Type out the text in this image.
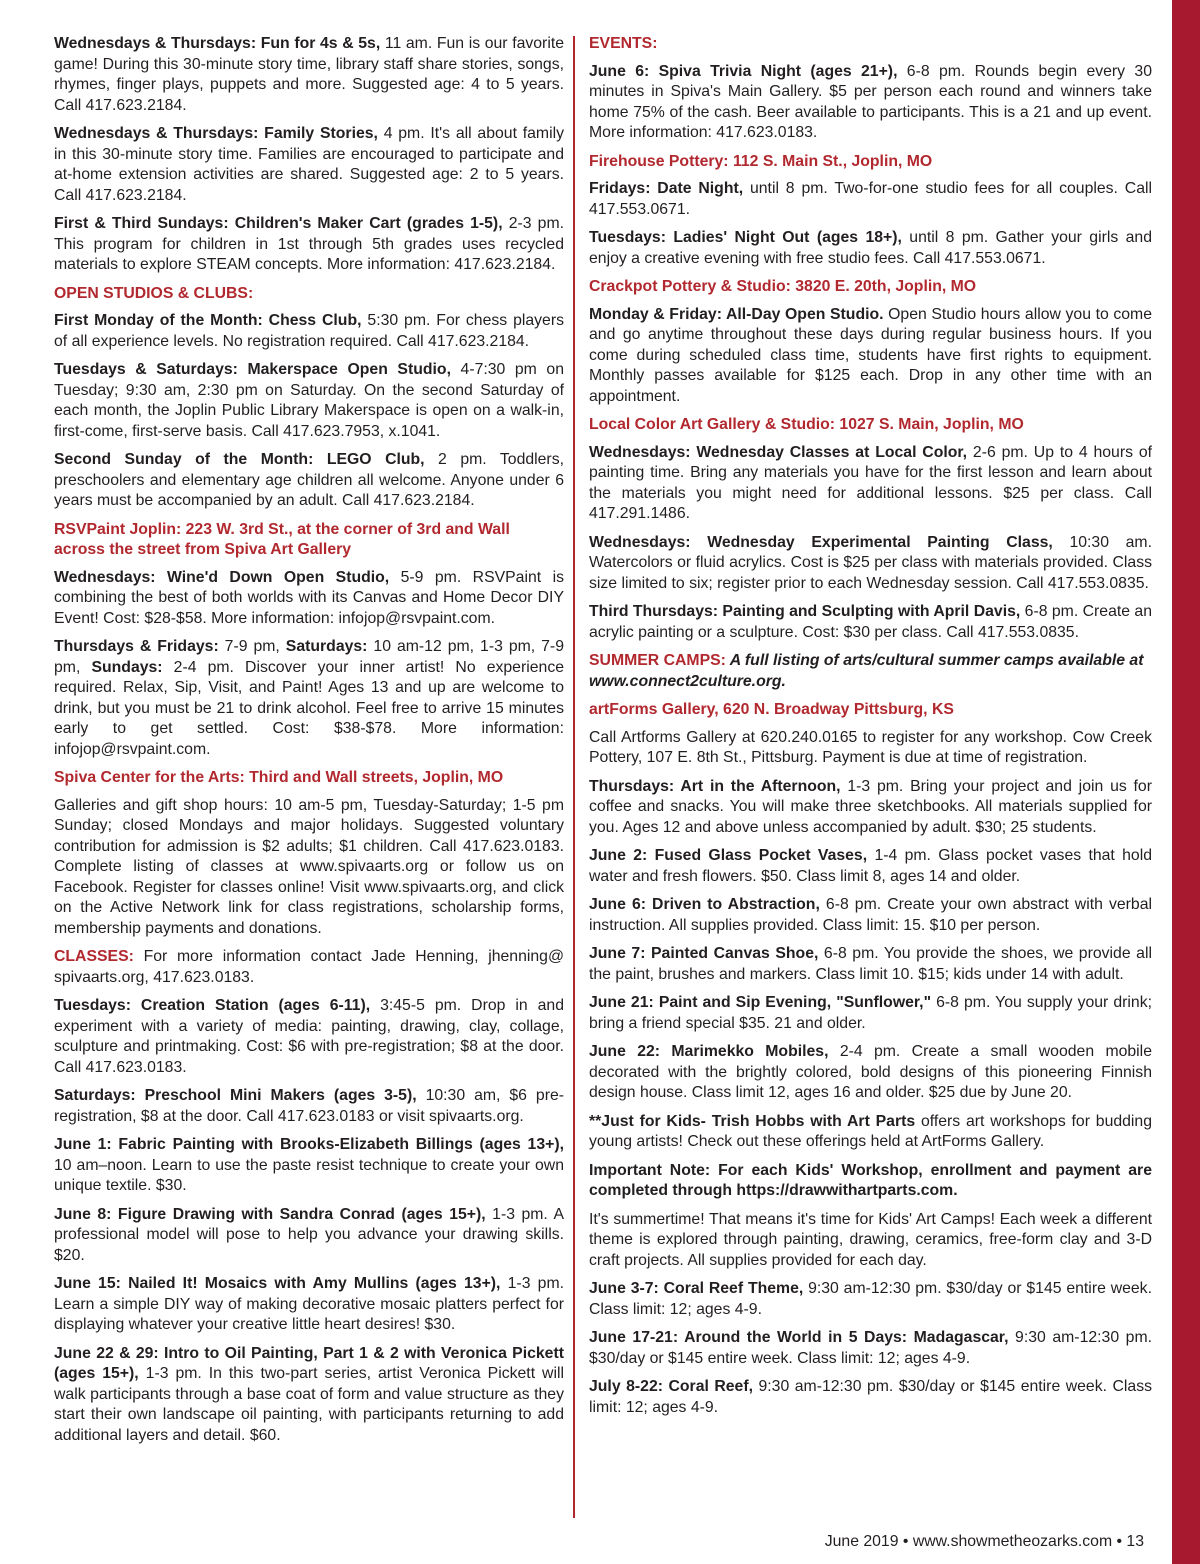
Wednesdays & Thursdays: Fun for 4s & 5s, 11 am. Fun is our favorite game! During this 30-minute story time, library staff share stories, songs, rhymes, finger plays, puppets and more. Suggested age: 4 to 5 years. Call 417.623.2184.

Wednesdays & Thursdays: Family Stories, 4 pm. It's all about family in this 30-minute story time. Families are encouraged to participate and at-home extension activities are shared. Suggested age: 2 to 5 years. Call 417.623.2184.

First & Third Sundays: Children's Maker Cart (grades 1-5), 2-3 pm. This program for children in 1st through 5th grades uses recycled materials to explore STEAM concepts. More information: 417.623.2184.

OPEN STUDIOS & CLUBS:

First Monday of the Month: Chess Club, 5:30 pm. For chess players of all experience levels. No registration required. Call 417.623.2184.

Tuesdays & Saturdays: Makerspace Open Studio, 4-7:30 pm on Tuesday; 9:30 am, 2:30 pm on Saturday. On the second Saturday of each month, the Joplin Public Library Makerspace is open on a walk-in, first-come, first-serve basis. Call 417.623.7953, x.1041.

Second Sunday of the Month: LEGO Club, 2 pm. Toddlers, preschoolers and elementary age children all welcome. Anyone under 6 years must be accompanied by an adult. Call 417.623.2184.

RSVPaint Joplin: 223 W. 3rd St., at the corner of 3rd and Wall across the street from Spiva Art Gallery

Wednesdays: Wine'd Down Open Studio, 5-9 pm. RSVPaint is combining the best of both worlds with its Canvas and Home Decor DIY Event! Cost: $28-$58. More information: infojop@rsvpaint.com.

Thursdays & Fridays: 7-9 pm, Saturdays: 10 am-12 pm, 1-3 pm, 7-9 pm, Sundays: 2-4 pm. Discover your inner artist! No experience required. Relax, Sip, Visit, and Paint! Ages 13 and up are welcome to drink, but you must be 21 to drink alcohol. Feel free to arrive 15 minutes early to get settled. Cost: $38-$78. More information: infojop@rsvpaint.com.

Spiva Center for the Arts: Third and Wall streets, Joplin, MO

Galleries and gift shop hours: 10 am-5 pm, Tuesday-Saturday; 1-5 pm Sunday; closed Mondays and major holidays. Suggested voluntary contribution for admission is $2 adults; $1 children. Call 417.623.0183. Complete listing of classes at www.spivaarts.org or follow us on Facebook. Register for classes online! Visit www.spivaarts.org, and click on the Active Network link for class registrations, scholarship forms, membership payments and donations.

CLASSES: For more information contact Jade Henning, jhenning@ spivaarts.org, 417.623.0183.

Tuesdays: Creation Station (ages 6-11), 3:45-5 pm. Drop in and experiment with a variety of media: painting, drawing, clay, collage, sculpture and printmaking. Cost: $6 with pre-registration; $8 at the door. Call 417.623.0183.

Saturdays: Preschool Mini Makers (ages 3-5), 10:30 am, $6 pre-registration, $8 at the door. Call 417.623.0183 or visit spivaarts.org.

June 1: Fabric Painting with Brooks-Elizabeth Billings (ages 13+), 10 am–noon. Learn to use the paste resist technique to create your own unique textile. $30.

June 8: Figure Drawing with Sandra Conrad (ages 15+), 1-3 pm. A professional model will pose to help you advance your drawing skills. $20.

June 15: Nailed It! Mosaics with Amy Mullins (ages 13+), 1-3 pm. Learn a simple DIY way of making decorative mosaic platters perfect for displaying whatever your creative little heart desires! $30.

June 22 & 29: Intro to Oil Painting, Part 1 & 2 with Veronica Pickett (ages 15+), 1-3 pm. In this two-part series, artist Veronica Pickett will walk participants through a base coat of form and value structure as they start their own landscape oil painting, with participants returning to add additional layers and detail. $60.

EVENTS:

June 6: Spiva Trivia Night (ages 21+), 6-8 pm. Rounds begin every 30 minutes in Spiva's Main Gallery. $5 per person each round and winners take home 75% of the cash. Beer available to participants. This is a 21 and up event. More information: 417.623.0183.

Firehouse Pottery: 112 S. Main St., Joplin, MO

Fridays: Date Night, until 8 pm. Two-for-one studio fees for all couples. Call 417.553.0671.

Tuesdays: Ladies' Night Out (ages 18+), until 8 pm. Gather your girls and enjoy a creative evening with free studio fees. Call 417.553.0671.

Crackpot Pottery & Studio: 3820 E. 20th, Joplin, MO

Monday & Friday: All-Day Open Studio. Open Studio hours allow you to come and go anytime throughout these days during regular business hours. If you come during scheduled class time, students have first rights to equipment. Monthly passes available for $125 each. Drop in any other time with an appointment.

Local Color Art Gallery & Studio: 1027 S. Main, Joplin, MO

Wednesdays: Wednesday Classes at Local Color, 2-6 pm. Up to 4 hours of painting time. Bring any materials you have for the first lesson and learn about the materials you might need for additional lessons. $25 per class. Call 417.291.1486.

Wednesdays: Wednesday Experimental Painting Class, 10:30 am. Watercolors or fluid acrylics. Cost is $25 per class with materials provided. Class size limited to six; register prior to each Wednesday session. Call 417.553.0835.

Third Thursdays: Painting and Sculpting with April Davis, 6-8 pm. Create an acrylic painting or a sculpture. Cost: $30 per class. Call 417.553.0835.

SUMMER CAMPS: A full listing of arts/cultural summer camps available at www.connect2culture.org.

artForms Gallery, 620 N. Broadway Pittsburg, KS

Call Artforms Gallery at 620.240.0165 to register for any workshop. Cow Creek Pottery, 107 E. 8th St., Pittsburg. Payment is due at time of registration.

Thursdays: Art in the Afternoon, 1-3 pm. Bring your project and join us for coffee and snacks. You will make three sketchbooks. All materials supplied for you. Ages 12 and above unless accompanied by adult. $30; 25 students.

June 2: Fused Glass Pocket Vases, 1-4 pm. Glass pocket vases that hold water and fresh flowers. $50. Class limit 8, ages 14 and older.

June 6: Driven to Abstraction, 6-8 pm. Create your own abstract with verbal instruction. All supplies provided. Class limit: 15. $10 per person.

June 7: Painted Canvas Shoe, 6-8 pm. You provide the shoes, we provide all the paint, brushes and markers. Class limit 10. $15; kids under 14 with adult.

June 21: Paint and Sip Evening, "Sunflower," 6-8 pm. You supply your drink; bring a friend special $35. 21 and older.

June 22: Marimekko Mobiles, 2-4 pm. Create a small wooden mobile decorated with the brightly colored, bold designs of this pioneering Finnish design house. Class limit 12, ages 16 and older. $25 due by June 20.

**Just for Kids- Trish Hobbs with Art Parts offers art workshops for budding young artists! Check out these offerings held at ArtForms Gallery.

Important Note: For each Kids' Workshop, enrollment and payment are completed through https://drawwithartparts.com.

It's summertime! That means it's time for Kids' Art Camps! Each week a different theme is explored through painting, drawing, ceramics, free-form clay and 3-D craft projects. All supplies provided for each day.

June 3-7: Coral Reef Theme, 9:30 am-12:30 pm. $30/day or $145 entire week. Class limit: 12; ages 4-9.

June 17-21: Around the World in 5 Days: Madagascar, 9:30 am-12:30 pm. $30/day or $145 entire week. Class limit: 12; ages 4-9.

July 8-22: Coral Reef, 9:30 am-12:30 pm. $30/day or $145 entire week. Class limit: 12; ages 4-9.

June 2019 • www.showmetheozarks.com • 13
